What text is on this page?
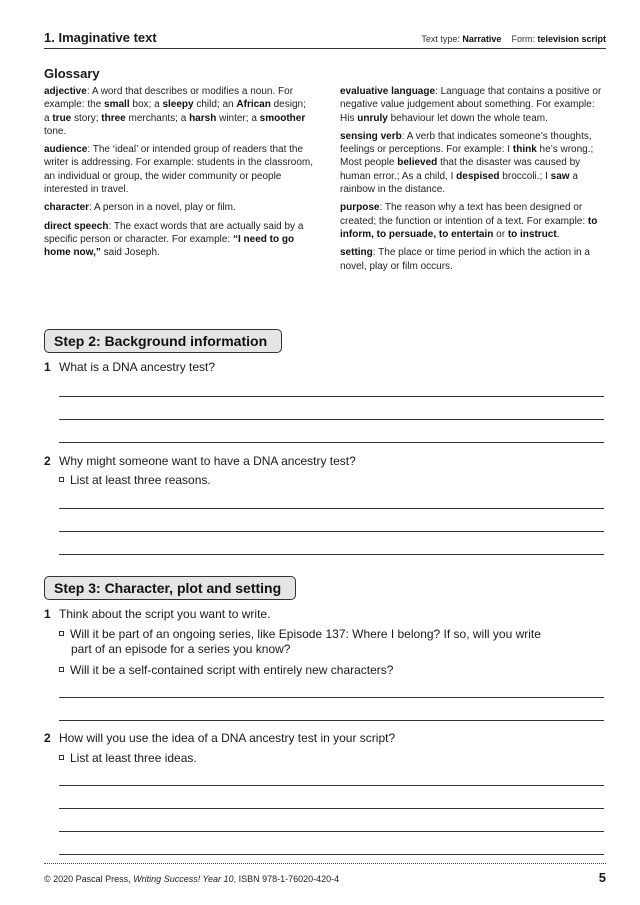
1. Imaginative text	Text type: Narrative Form: television script
Glossary

adjective: A word that describes or modifies a noun. For example: the small box; a sleepy child; an African design; a true story; three merchants; a harsh winter; a smoother tone.

audience: The ‘ideal’ or intended group of readers that the writer is addressing. For example: students in the classroom, an individual or group, the wider community or people interested in travel.

character: A person in a novel, play or film.

direct speech: The exact words that are actually said by a specific person or character. For example: “I need to go home now,” said Joseph.

evaluative language: Language that contains a positive or negative value judgement about something. For example: His unruly behaviour let down the whole team.

sensing verb: A verb that indicates someone’s thoughts, feelings or perceptions. For example: I think he’s wrong.; Most people believed that the disaster was caused by human error.; As a child, I despised broccoli.; I saw a rainbow in the distance.

purpose: The reason why a text has been designed or created; the function or intention of a text. For example: to inform, to persuade, to entertain or to instruct.

setting: The place or time period in which the action in a novel, play or film occurs.

Step 2: Background information
1 What is a DNA ancestry test?
2 Why might someone want to have a DNA ancestry test?
List at least three reasons.
Step 3: Character, plot and setting
1 Think about the script you want to write.
Will it be part of an ongoing series, like Episode 137: Where I belong? If so, will you write
part of an episode for a series you know?
Will it be a self-contained script with entirely new characters?
2 How will you use the idea of a DNA ancestry test in your script?
List at least three ideas.
© 2020 Pascal Press, Writing Success! Year 10, ISBN 978-1-76020-420-4	5
